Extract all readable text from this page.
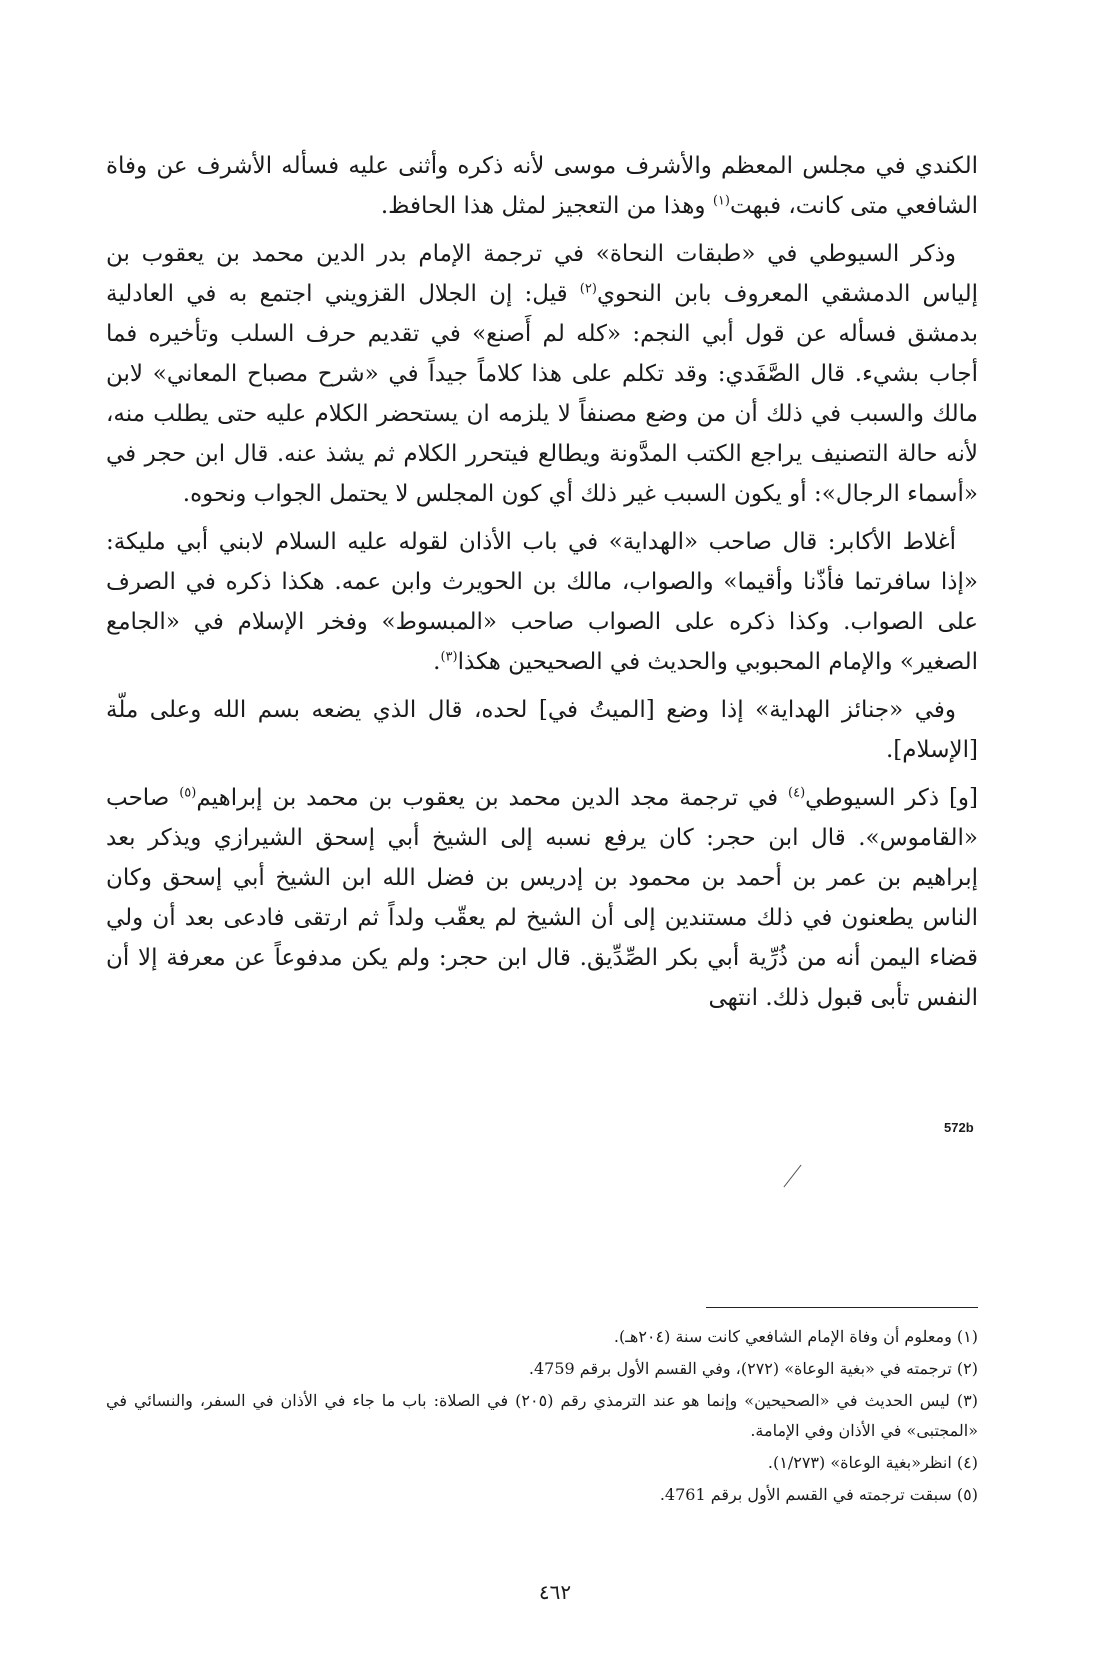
الكندي في مجلس المعظم والأشرف موسى لأنه ذكره وأثنى عليه فسأله الأشرف عن وفاة الشافعي متى كانت، فبهت$^{(١)}$ وهذا من التعجيز لمثل هذا الحافظ.

وذكر السيوطي في «طبقات النحاة» في ترجمة الإمام بدر الدين محمد بن يعقوب بن إلياس الدمشقي المعروف بابن النحوي$^{(٢)}$ قيل: إن الجلال القزويني اجتمع به في العادلية بدمشق فسأله عن قول أبي النجم: «كله لم أَصنع» في تقديم حرف السلب وتأخيره فما أجاب بشيء. قال الصَّفَدي: وقد تكلم على هذا كلاماً جيداً في «شرح مصباح المعاني» لابن مالك والسبب في ذلك أن من وضع مصنفاً لا يلزمه ان يستحضر الكلام عليه حتى يطلب منه، لأنه حالة التصنيف يراجع الكتب المدَّونة ويطالع فيتحرر الكلام ثم يشذ عنه. قال ابن حجر في «أسماء الرجال»: أو يكون السبب غير ذلك أي كون المجلس لا يحتمل الجواب ونحوه.

أغلاط الأكابر: قال صاحب «الهداية» في باب الأذان لقوله عليه السلام لابني أبي مليكة: «إذا سافرتما فأذّنا وأقيما» والصواب، مالك بن الحويرث وابن عمه. هكذا ذكره في الصرف على الصواب. وكذا ذكره على الصواب صاحب «المبسوط» وفخر الإسلام في «الجامع الصغير» والإمام المحبوبي والحديث في الصحيحين هكذا$^{(٣)}$.

وفي «جنائز الهداية» إذا وضع [الميتُ في] لحده، قال الذي يضعه بسم الله وعلى ملّة [الإسلام].

[و] ذكر السيوطي$^{(٤)}$ في ترجمة مجد الدين محمد بن يعقوب بن محمد بن إبراهيم$^{(٥)}$ صاحب «القاموس». قال ابن حجر: كان يرفع نسبه إلى الشيخ أبي إسحق الشيرازي ويذكر بعد إبراهيم بن عمر بن أحمد بن محمود بن إدريس بن فضل الله ابن الشيخ أبي إسحق وكان الناس يطعنون في ذلك مستندين إلى أن الشيخ لم يعقّب ولداً ثم ارتقى فادعى بعد أن ولي قضاء اليمن أنه من ذُرِّية أبي بكر الصِّدِّيق. قال ابن حجر: ولم يكن مدفوعاً عن معرفة إلا أن النفس تأبى قبول ذلك. انتهى

572b

(١) ومعلوم أن وفاة الإمام الشافعي كانت سنة (٢٠٤هـ).

(٢) ترجمته في «بغية الوعاة» (٢٧٢)، وفي القسم الأول برقم 4759.

(٣) ليس الحديث في «الصحيحين» وإنما هو عند الترمذي رقم (٢٠٥) في الصلاة: باب ما جاء في الأذان في السفر، والنسائي في «المجتبى» في الأذان وفي الإمامة.

(٤) انظر«بغية الوعاة» (١/٢٧٣).

(٥) سبقت ترجمته في القسم الأول برقم 4761.

٤٦٢
